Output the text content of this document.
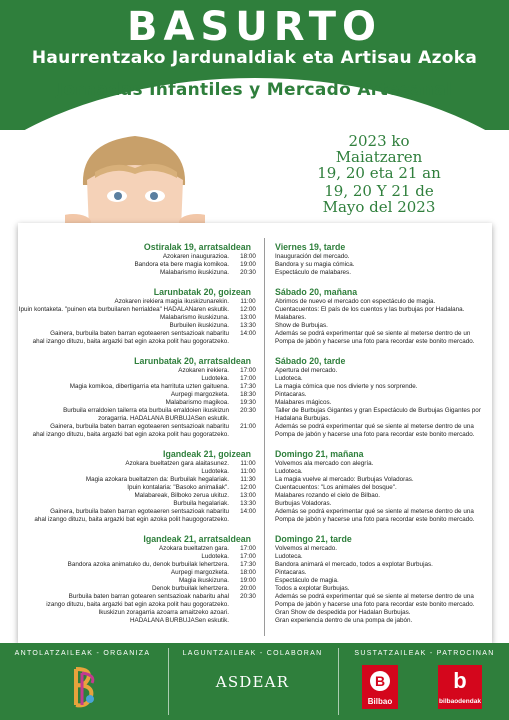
BASURTO
Haurrentzako Jardunaldiak eta Artisau Azoka
Jornadas Infantiles y Mercado Artesanal
2023 ko
Maiatzaren
19, 20 eta 21 an
19, 20 Y 21 de
Mayo del 2023
Ostiralak 19, arratsaldean	Viernes 19, tarde
Azokaren inaugurazioa.	18:00	Inauguración del mercado.
Bandora eta bere magia komikoa.	19:00	Bandora y su magia cómica.
Malabarismo ikuskizuna.	20:30	Espectáculo de malabares.
Larunbatak 20, goizean	Sábado 20, mañana
Azokaren irekiera magia ikuskizunarekin.	11:00	Abrimos de nuevo el mercado con espectáculo de magia.
Ipuin kontaketa. "puinen eta burbuilaren herrialdea" HADALANaren eskutik.	12:00	Cuentacuentos: El país de los cuentos y las burbujas por Hadalana.
Malabarismo ikuskizuna.	13:00	Malabares.
Burbuilen ikuskizuna.	13:30	Show de Burbujas.
Gainera, burbuila baten barran egoteaeren sentsazioak nabaritu	14:00	Además se podrá experimentar qué se siente al meterse dentro de un
ahal izango dituzu, baita argazki bat egin azoka polit hau gogoratzeko.	Pompa de jabón y hacerse una foto para recordar este bonito mercado.
Larunbatak 20, arratsaldean	Sábado 20, tarde
Azokaren irekiera.	17:00	Apertura del mercado.
Ludoteka.	17:00	Ludoteca.
Magia komikoa, dibertigarria eta harrituta uzten gaituena.	17:30	La magia cómica que nos divierte y nos sorprende.
Aurpegi margozketa.	18:30	Pintacaras.
Malabarismo magikoa.	19:30	Malabares mágicos.
Burbuila erraldoien tailerra eta burbuila erraldoien ikuskizun	20:30	Taller de Burbujas Gigantes y gran Espectáculo de Burbujas Gigantes por
zoragarria. HADALANA BURBUJASen eskutik.	Hadalana Burbujas.
Gainera, burbuila baten barran egoteaeren sentsazioak nabaritu	21:00	Además se podrá experimentar qué se siente al meterse dentro de una
ahal izango dituzu, baita argazki bat egin azoka polit hau gogoratzeko.	Pompa de jabón y hacerse una foto para recordar este bonito mercado.
Igandeak 21, goizean	Domingo 21, mañana
Azokara bueltatzen gara alaitasunez.	11:00	Volvemos ala mercado con alegría.
Ludoteka.	11:00	Ludoteca.
Magia azokara bueltatzen da: Burbuilak hegalariak.	11:30	La magia vuelve al mercado: Burbujas Voladoras.
Ipuin kontalaria: "Basoko animaliak".	12:00	Cuentacuentos: "Los animales del bosque".
Malabareak, Bilboko zerua ukituz.	13:00	Malabares rozando el cielo de Bilbao.
Burbuila hegalariak.	13:30	Burbujas Voladoras.
Gainera, burbuila baten barran egoteaeren sentsazioak nabaritu	14:00	Además se podrá experimentar qué se siente al meterse dentro de una
ahal izango dituzu, baita argazki bat egin azoka polit haugogoratzeko.	Pompa de jabón y hacerse una foto para recordar este bonito mercado.
Igandeak 21, arratsaldean	Domingo 21, tarde
Azokara bueltatzen gara.	17:00	Volvemos al mercado.
Ludoteka.	17:00	Ludoteca.
Bandora azoka animatuko du, denok burbuilak lehertzera.	17:30	Bandora animará el mercado, todos a explotar Burbujas.
Aurpegi margozketa.	18:00	Pintacaras.
Magia ikuskizuna.	19:00	Espectáculo de magia.
Denok burbuilak lehertzera.	20:00	Todos a explotar Burbujas.
Burbuila baten barran gotearen sentsazioak nabaritu ahal	20:30	Además se podrá experimentar qué se siente al meterse dentro de una
izango dituzu, baita argazki bat egin azoka polit hau gogoratzeko.	Pompa de jabón y hacerse una foto para recordar este bonito mercado.
Ikuskizun zoragarria azoarra amaitzeko azoari.	Gran Show de despedida por Hadalan Burbujas.
HADALANA BURBUJASen eskutik.	Gran experiencia dentro de una pompa de jabón.
ANTOLATZAILEAK - ORGANIZA	LAGUNTZAILEAK - COLABORAN
ASDEAR
SUSTATZAILEAK - PATROCINAN
B
Bilbao
b
bilbaodendak
